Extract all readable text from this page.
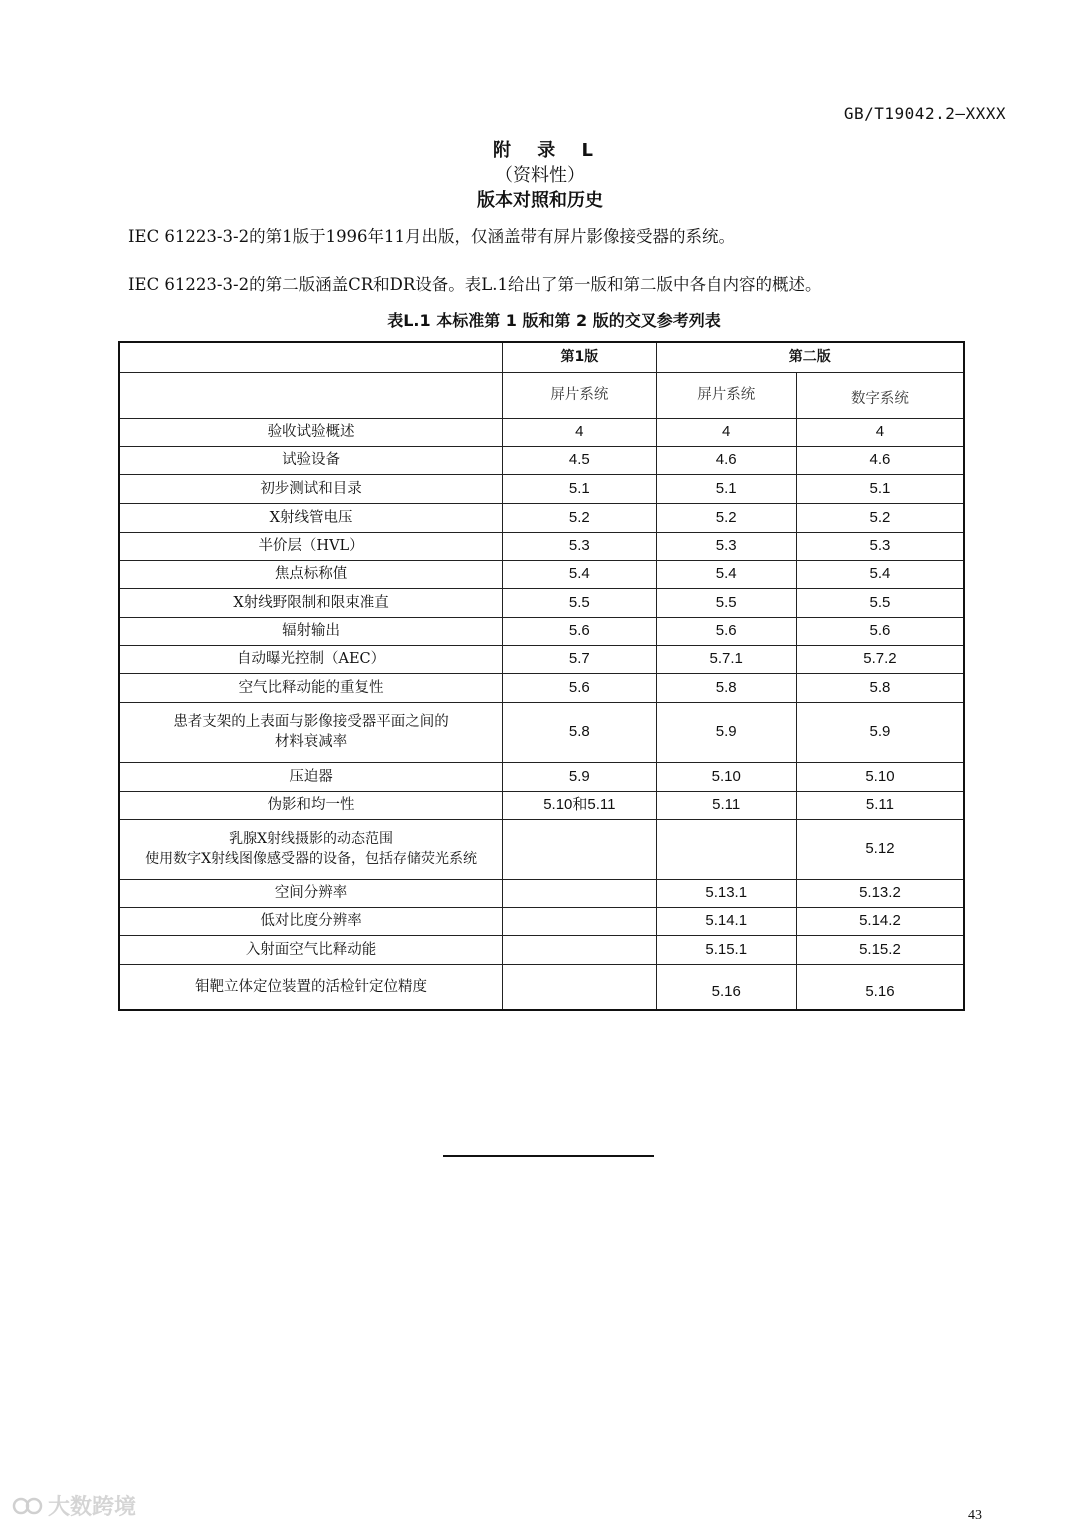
GB/T19042.2—XXXX
附 录 L
（资料性）
版本对照和历史
IEC 61223-3-2的第1版于1996年11月出版，仅涵盖带有屏片影像接受器的系统。
IEC 61223-3-2的第二版涵盖CR和DR设备。表L.1给出了第一版和第二版中各自内容的概述。
表L.1 本标准第 1 版和第 2 版的交叉参考列表
	第1版	第二版	
	屏片系统	屏片系统	数字系统
验收试验概述	4	4	4
试验设备	4.5	4.6	4.6
初步测试和目录	5.1	5.1	5.1
X射线管电压	5.2	5.2	5.2
半价层（HVL）	5.3	5.3	5.3
焦点标称值	5.4	5.4	5.4
X射线野限制和限束准直	5.5	5.5	5.5
辐射输出	5.6	5.6	5.6
自动曝光控制（AEC）	5.7	5.7.1	5.7.2
空气比释动能的重复性	5.6	5.8	5.8

患者支架的上表面与影像接受器平面之间的
材料衰减率	5.8	5.9	5.9
压迫器	5.9	5.10	5.10
伪影和均一性	5.10和5.11	5.11	5.11

乳腺X射线摄影的动态范围
使用数字X射线图像感受器的设备，包括存储荧光系统			5.12
空间分辨率		5.13.1	5.13.2
低对比度分辨率		5.14.1	5.14.2
入射面空气比释动能		5.15.1	5.15.2
钼靶立体定位装置的活检针定位精度		5.16	5.16
大数跨境	43
